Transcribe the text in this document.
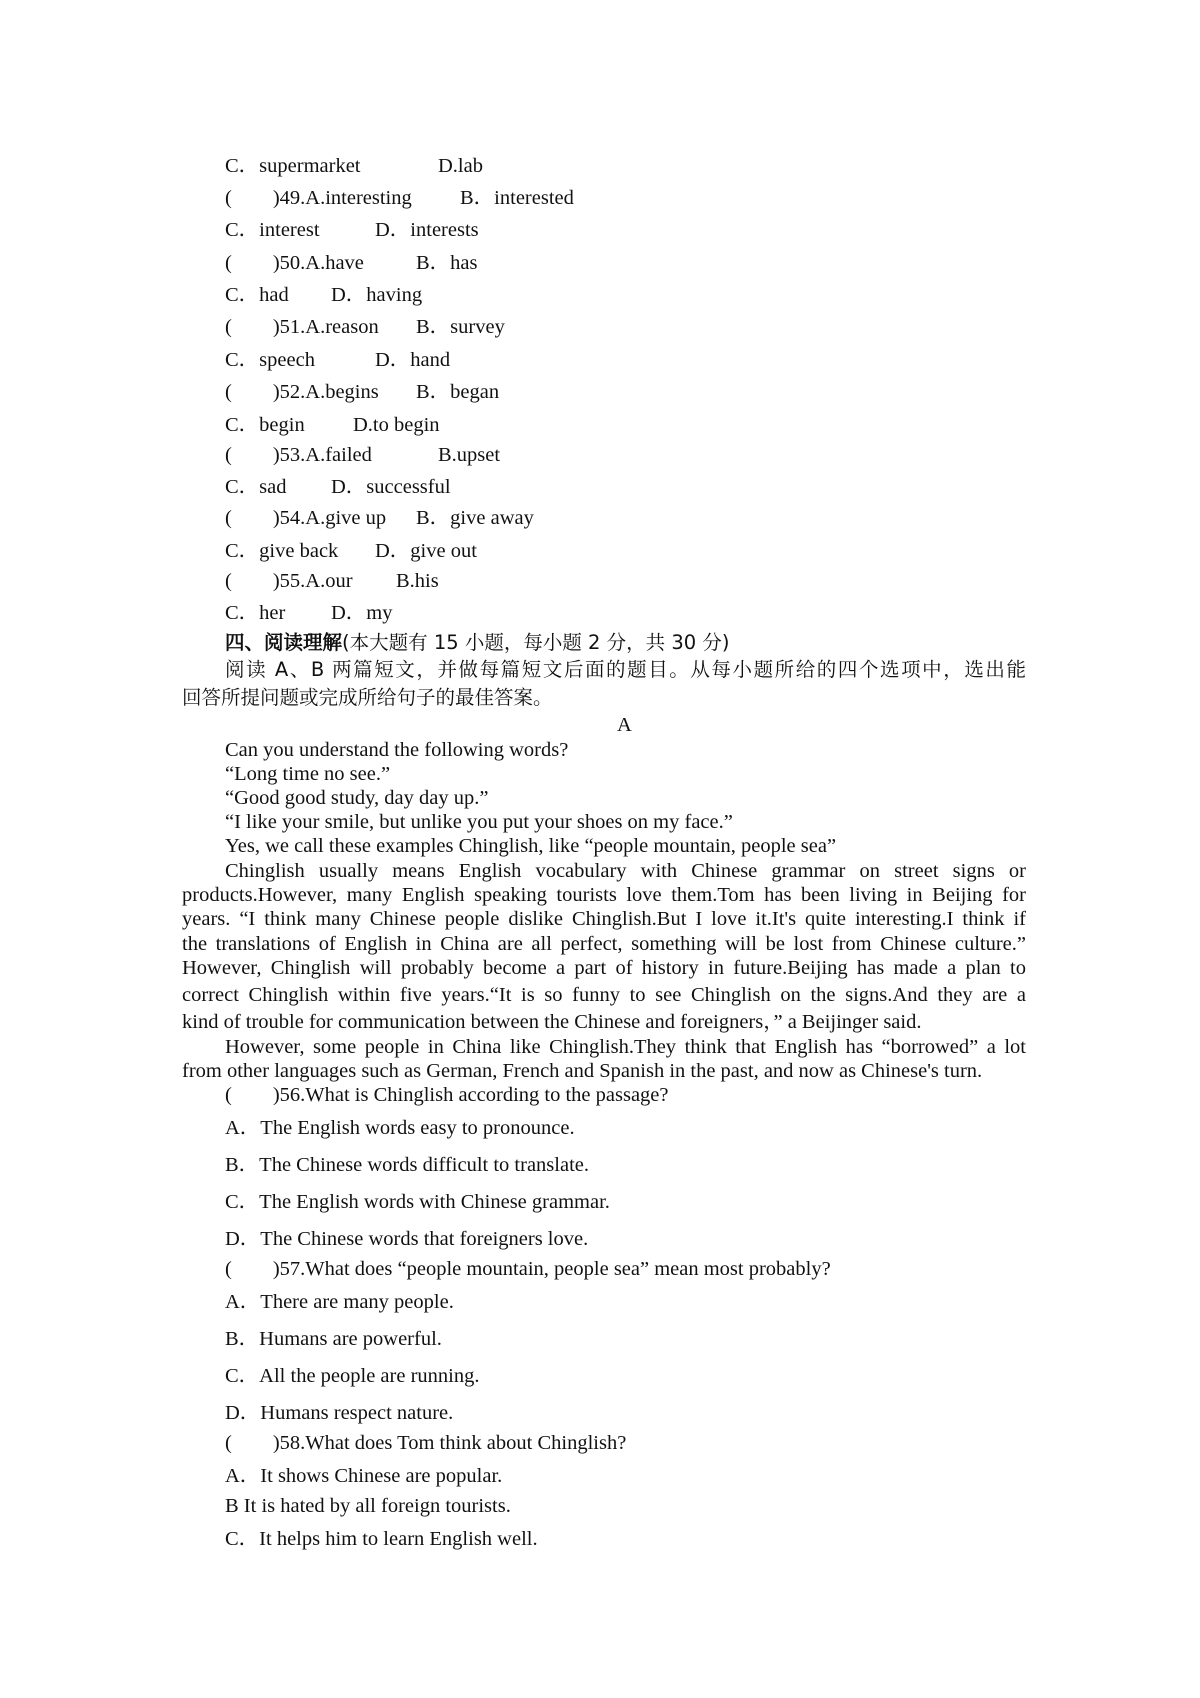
C．supermarket	D.lab
(        )49.A.interesting B．interested
C．interest	D．interests
(        )50.A.have	B．has
C．had D．having
(        )51.A.reason B．survey
C．speech	D．hand
(        )52.A.begins B．began
C．begin D.to begin
(        )53.A.failed	B.upset
C．sad D．successful
(        )54.A.give up B．give away
C．give back D．give out
(        )55.A.our B.his
C．her D．my
四、阅读理解(本大题有 15 小题，每小题 2 分，共 30 分)
阅读 A、B 两篇短文，并做每篇短文后面的题目。从每小题所给的四个选项中，选出能
回答所提问题或完成所给句子的最佳答案。
A
Can you understand the following words?
“Long time no see.”
“Good good study, day day up.”
“I like your smile, but unlike you put your shoes on my face.”
Yes, we call these examples Chinglish, like “people mountain, people sea”
Chinglish usually means English vocabulary with Chinese grammar on street signs or
products.However, many English speaking tourists love them.Tom has been living in Beijing for
years. “I think many Chinese people dislike Chinglish.But I love it.It's quite interesting.I think if
the translations of English in China are all perfect, something will be lost from Chinese culture.”
However, Chinglish will probably become a part of history in future.Beijing has made a plan to
correct Chinglish within five years.“It is so funny to see Chinglish on the signs.And they are a
kind of trouble for communication between the Chinese and foreigners，” a Beijinger said.
However, some people in China like Chinglish.They think that English has “borrowed” a lot
from other languages such as German, French and Spanish in the past, and now as Chinese's turn.
(        )56.What is Chinglish according to the passage?
A．The English words easy to pronounce.
B．The Chinese words difficult to translate.
C．The English words with Chinese grammar.
D．The Chinese words that foreigners love.
(        )57.What does “people mountain, people sea” mean most probably?
A．There are many people.
B．Humans are powerful.
C．All the people are running.
D．Humans respect nature.
(        )58.What does Tom think about Chinglish?
A．It shows Chinese are popular.
B It is hated by all foreign tourists.
C．It helps him to learn English well.
